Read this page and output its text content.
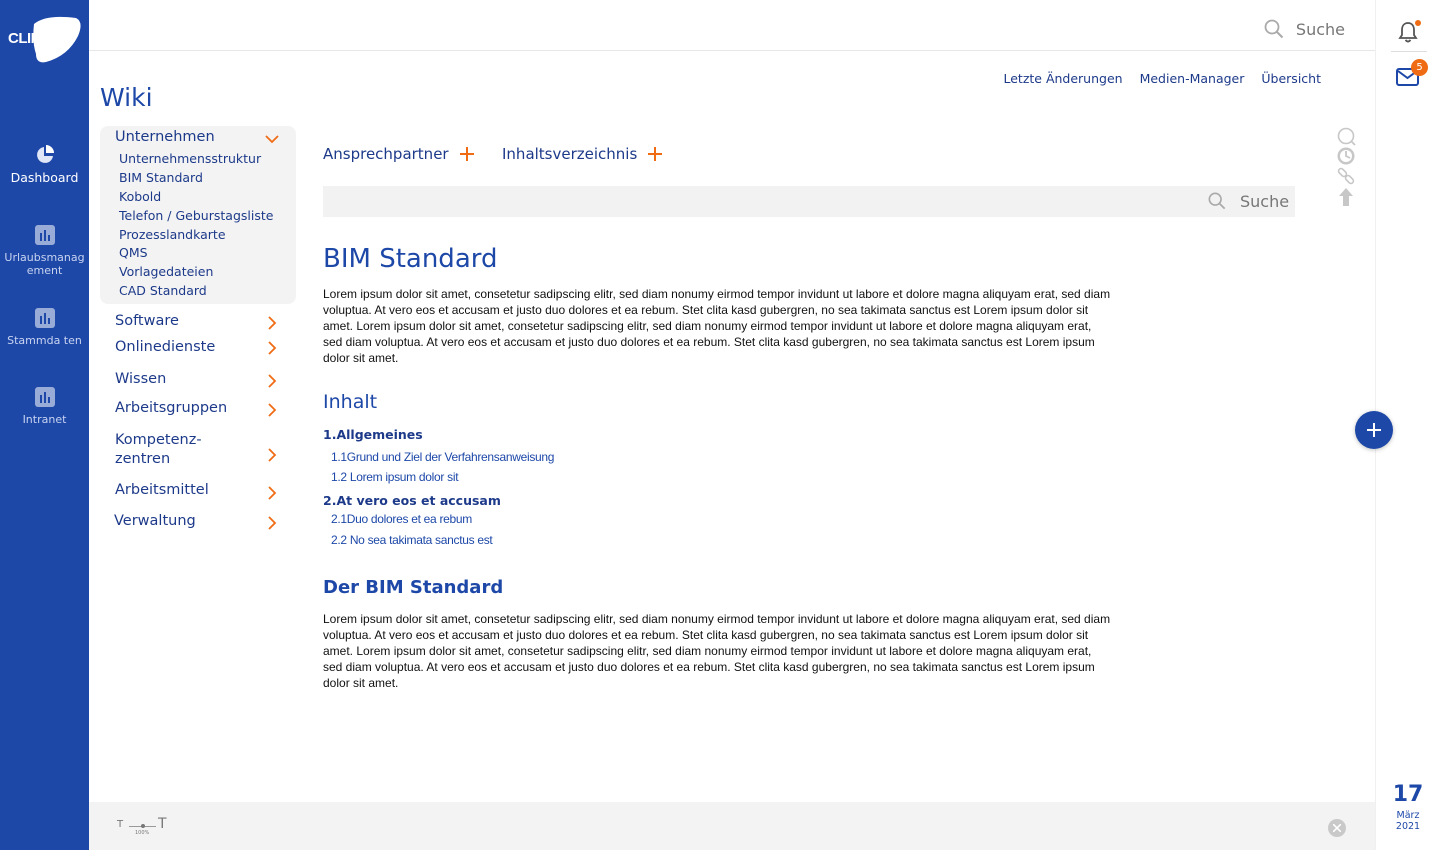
CLINET.
Dashboard
Urlaubsmanag ement
Stammda ten
Intranet
Suche
5
17
März
2021
Letzte Änderungen Medien-Manager Übersicht
Wiki
Unternehmen
Unternehmensstruktur
BIM Standard
Kobold
Telefon / Geburstagsliste
Prozesslandkarte
QMS
Vorlagedateien
CAD Standard
Software
Onlinedienste
Wissen
Arbeitsgruppen
Kompetenz-
zentren
Arbeitsmittel
Verwaltung
Ansprechpartner	Inhaltsverzeichnis
Suche
BIM Standard
Lorem ipsum dolor sit amet, consetetur sadipscing elitr, sed diam nonumy eirmod tempor invidunt ut labore et dolore magna aliquyam erat, sed diam voluptua. At vero eos et accusam et justo duo dolores et ea rebum. Stet clita kasd gubergren, no sea takimata sanctus est Lorem ipsum dolor sit amet. Lorem ipsum dolor sit amet, consetetur sadipscing elitr, sed diam nonumy eirmod tempor invidunt ut labore et dolore magna aliquyam erat, sed diam voluptua. At vero eos et accusam et justo duo dolores et ea rebum. Stet clita kasd gubergren, no sea takimata sanctus est Lorem ipsum dolor sit amet.
Inhalt
1.Allgemeines
1.1Grund und Ziel der Verfahrensanweisung
1.2 Lorem ipsum dolor sit
2.At vero eos et accusam
2.1Duo dolores et ea rebum
2.2 No sea takimata sanctus est
Der BIM Standard
Lorem ipsum dolor sit amet, consetetur sadipscing elitr, sed diam nonumy eirmod tempor invidunt ut labore et dolore magna aliquyam erat, sed diam voluptua. At vero eos et accusam et justo duo dolores et ea rebum. Stet clita kasd gubergren, no sea takimata sanctus est Lorem ipsum dolor sit amet. Lorem ipsum dolor sit amet, consetetur sadipscing elitr, sed diam nonumy eirmod tempor invidunt ut labore et dolore magna aliquyam erat, sed diam voluptua. At vero eos et accusam et justo duo dolores et ea rebum. Stet clita kasd gubergren, no sea takimata sanctus est Lorem ipsum dolor sit amet.
T
100%
T
